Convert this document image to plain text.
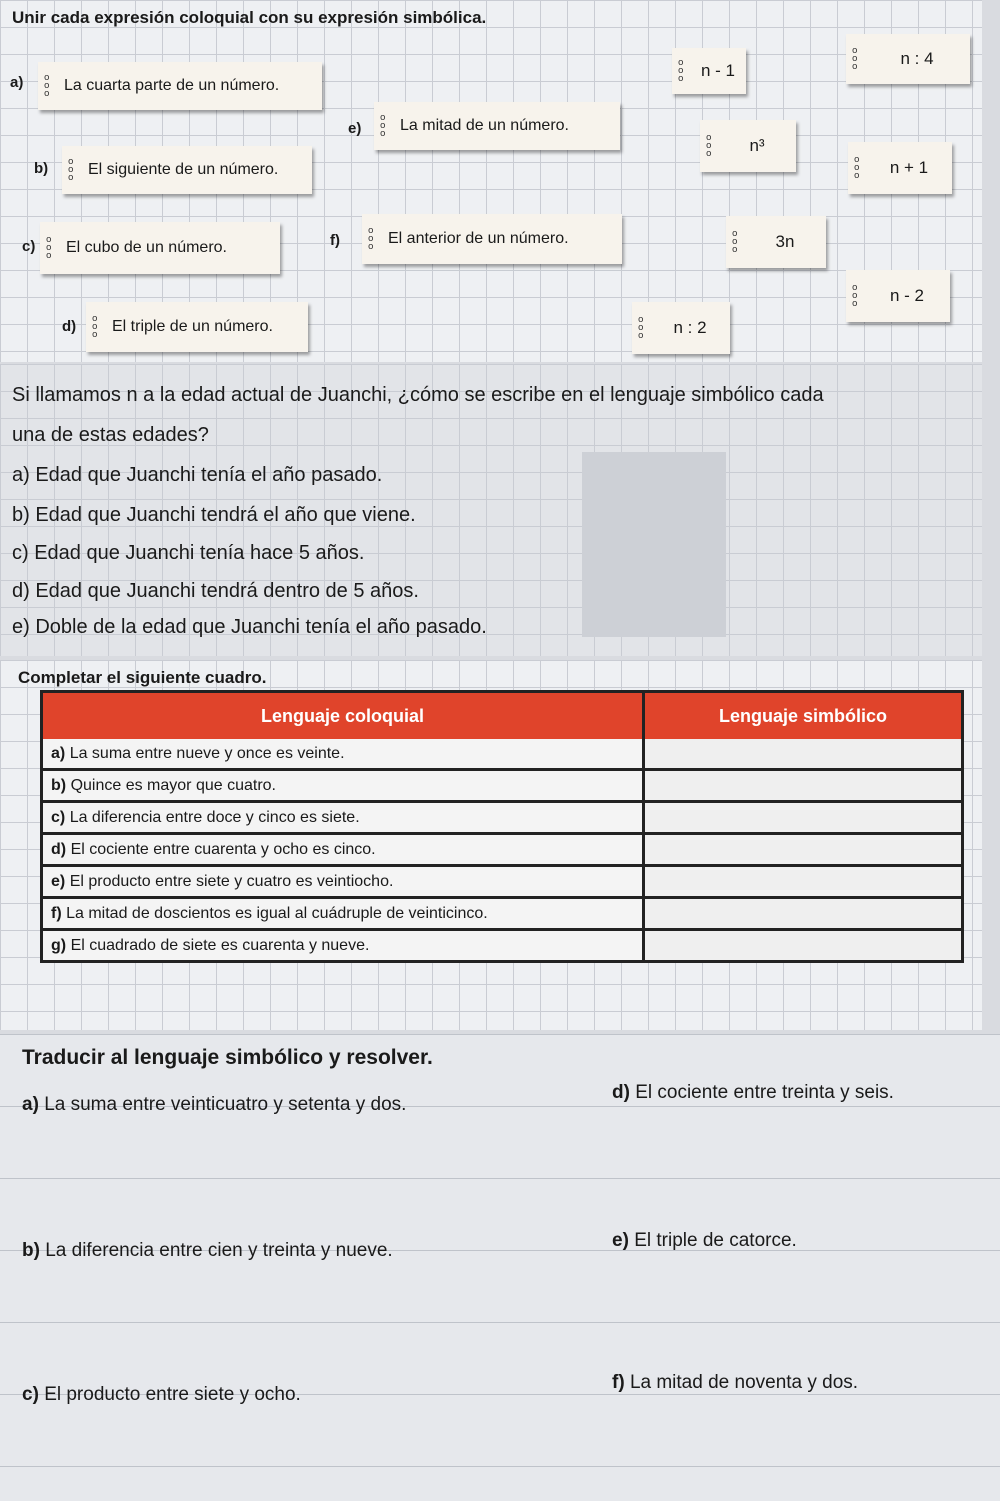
Unir cada expresión coloquial con su expresión simbólica.
a) o
o
o La cuarta parte de un número.
b) o
o
o El siguiente de un número.
c) o
o
o El cubo de un número.
d) o
o
o El triple de un número.
e)
o
o
o La mitad de un número.
f)
o
o
o El anterior de un número.
o
o
o n - 1
o
o
o	n : 4
o
o
o n³
o
o
o n + 1
o
o
o 3n
o
o
o n - 2
o
o
o n : 2
Si llamamos n a la edad actual de Juanchi, ¿cómo se escribe en el lenguaje simbólico cada
una de estas edades?
a) Edad que Juanchi tenía el año pasado.
b) Edad que Juanchi tendrá el año que viene.
c) Edad que Juanchi tenía hace 5 años.
d) Edad que Juanchi tendrá dentro de 5 años.
e) Doble de la edad que Juanchi tenía el año pasado.
Completar el siguiente cuadro.
Lenguaje coloquial	Lenguaje simbólico
a) La suma entre nueve y once es veinte.	
b) Quince es mayor que cuatro.	
c) La diferencia entre doce y cinco es siete.	
d) El cociente entre cuarenta y ocho es cinco.	
e) El producto entre siete y cuatro es veintiocho.	
f) La mitad de doscientos es igual al cuádruple de veinticinco.	
g) El cuadrado de siete es cuarenta y nueve.	
Traducir al lenguaje simbólico y resolver.
a) La suma entre veinticuatro y setenta y dos.
b) La diferencia entre cien y treinta y nueve.
c) El producto entre siete y ocho.
d) El cociente entre treinta y seis.
e) El triple de catorce.
f) La mitad de noventa y dos.
